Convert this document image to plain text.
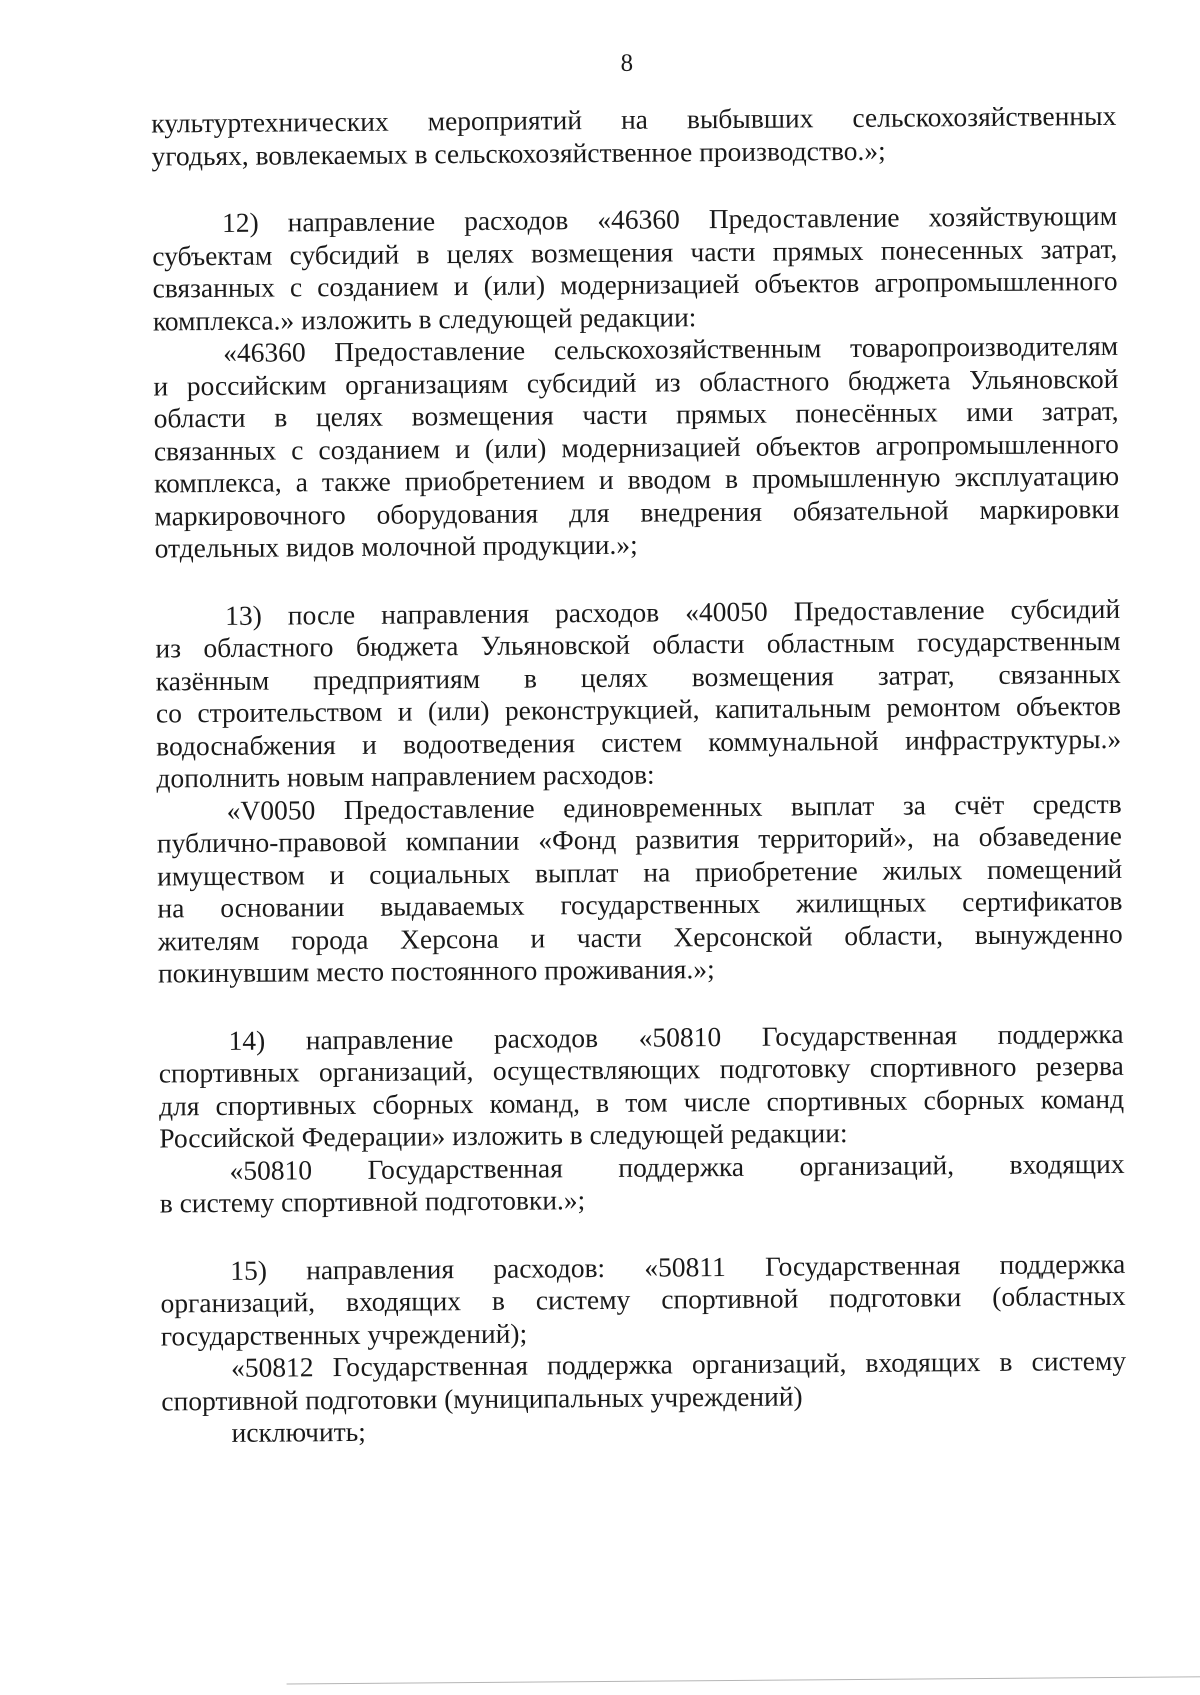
8
культуртехнических мероприятий на выбывших сельскохозяйственных
угодьях, вовлекаемых в сельскохозяйственное производство.»;
12) направление расходов «46360 Предоставление хозяйствующим
субъектам субсидий в целях возмещения части прямых понесенных затрат,
связанных с созданием и (или) модернизацией объектов агропромышленного
комплекса.» изложить в следующей редакции:
«46360 Предоставление сельскохозяйственным товаропроизводителям
и российским организациям субсидий из областного бюджета Ульяновской
области в целях возмещения части прямых понесённых ими затрат,
связанных с созданием и (или) модернизацией объектов агропромышленного
комплекса, а также приобретением и вводом в промышленную эксплуатацию
маркировочного оборудования для внедрения обязательной маркировки
отдельных видов молочной продукции.»;
13) после направления расходов «40050 Предоставление субсидий
из областного бюджета Ульяновской области областным государственным
казённым предприятиям в целях возмещения затрат, связанных
со строительством и (или) реконструкцией, капитальным ремонтом объектов
водоснабжения и водоотведения систем коммунальной инфраструктуры.»
дополнить новым направлением расходов:
«V0050 Предоставление единовременных выплат за счёт средств
публично-правовой компании «Фонд развития территорий», на обзаведение
имуществом и социальных выплат на приобретение жилых помещений
на основании выдаваемых государственных жилищных сертификатов
жителям города Херсона и части Херсонской области, вынужденно
покинувшим место постоянного проживания.»;
14) направление расходов «50810 Государственная поддержка
спортивных организаций, осуществляющих подготовку спортивного резерва
для спортивных сборных команд, в том числе спортивных сборных команд
Российской Федерации» изложить в следующей редакции:
«50810 Государственная поддержка организаций, входящих
в систему спортивной подготовки.»;
15) направления расходов: «50811 Государственная поддержка
организаций, входящих в систему спортивной подготовки (областных
государственных учреждений);
«50812 Государственная поддержка организаций, входящих в систему
спортивной подготовки (муниципальных учреждений)
исключить;
